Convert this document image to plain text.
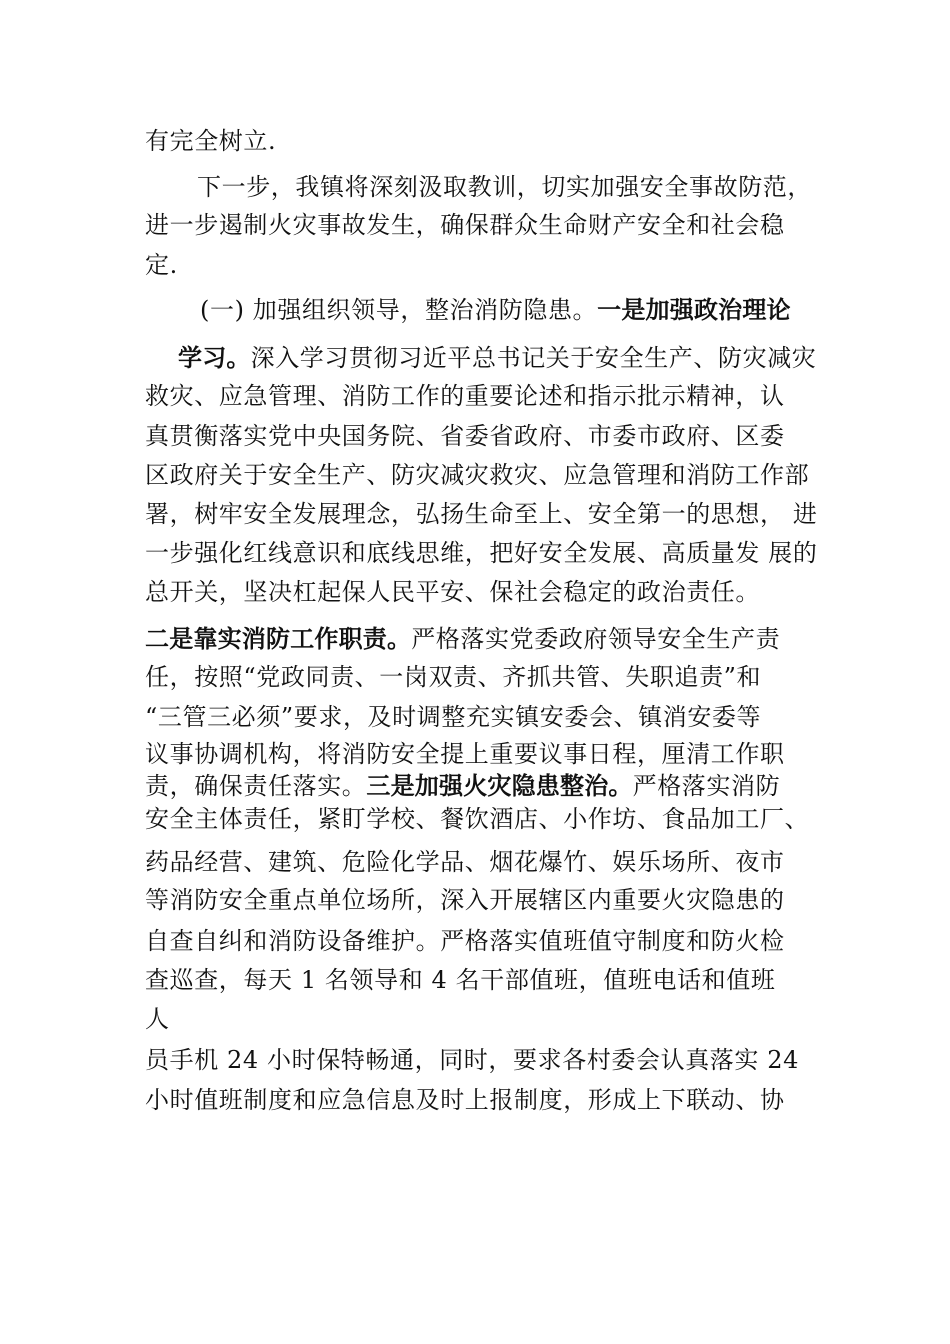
有完全树立.
下一步，我镇将深刻汲取教训，切实加强安全事故防范，
进一步遏制火灾事故发生，确保群众生命财产安全和社会稳
定.
(一) 加强组织领导，整治消防隐患。一是加强政治理论
学习。深入学习贯彻习近平总书记关于安全生产、防灾减灾
救灾、应急管理、消防工作的重要论述和指示批示精神，认
真贯衡落实党中央国务院、省委省政府、市委市政府、区委
区政府关于安全生产、防灾减灾救灾、应急管理和消防工作部
署，树牢安全发展理念，弘扬生命至上、安全第一的思想， 进
一步强化红线意识和底线思维，把好安全发展、高质量发 展的
总开关，坚决杠起保人民平安、保社会稳定的政治责任。
二是靠实消防工作职责。严格落实党委政府领导安全生产责
任，按照“党政同责、一岗双责、齐抓共管、失职追责”和
“三管三必须”要求，及时调整充实镇安委会、镇消安委等
议事协调机构，将消防安全提上重要议事日程，厘清工作职
责，确保责任落实。三是加强火灾隐患整治。严格落实消防
安全主体责任，紧盯学校、餐饮酒店、小作坊、食品加工厂、
药品经营、建筑、危险化学品、烟花爆竹、娱乐场所、夜市
等消防安全重点单位场所，深入开展辖区内重要火灾隐患的
自查自纠和消防设备维护。严格落实值班值守制度和防火检
查巡查，每天 1 名领导和 4 名干部值班，值班电话和值班
人
员手机 24 小时保特畅通，同时，要求各村委会认真落实 24
小时值班制度和应急信息及时上报制度，形成上下联动、协
